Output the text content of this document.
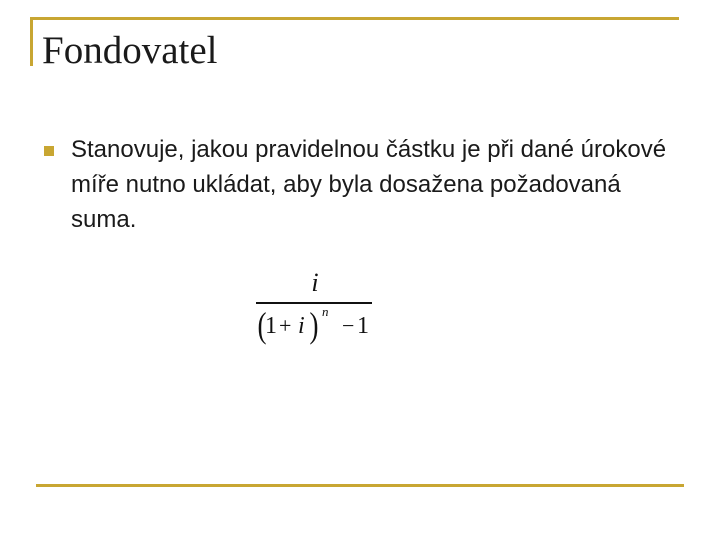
Fondovatel
Stanovuje, jakou pravidelnou částku je při dané úrokové míře nutno ukládat, aby byla dosažena požadovaná suma.
i
(
1 + i ) n
− 1
